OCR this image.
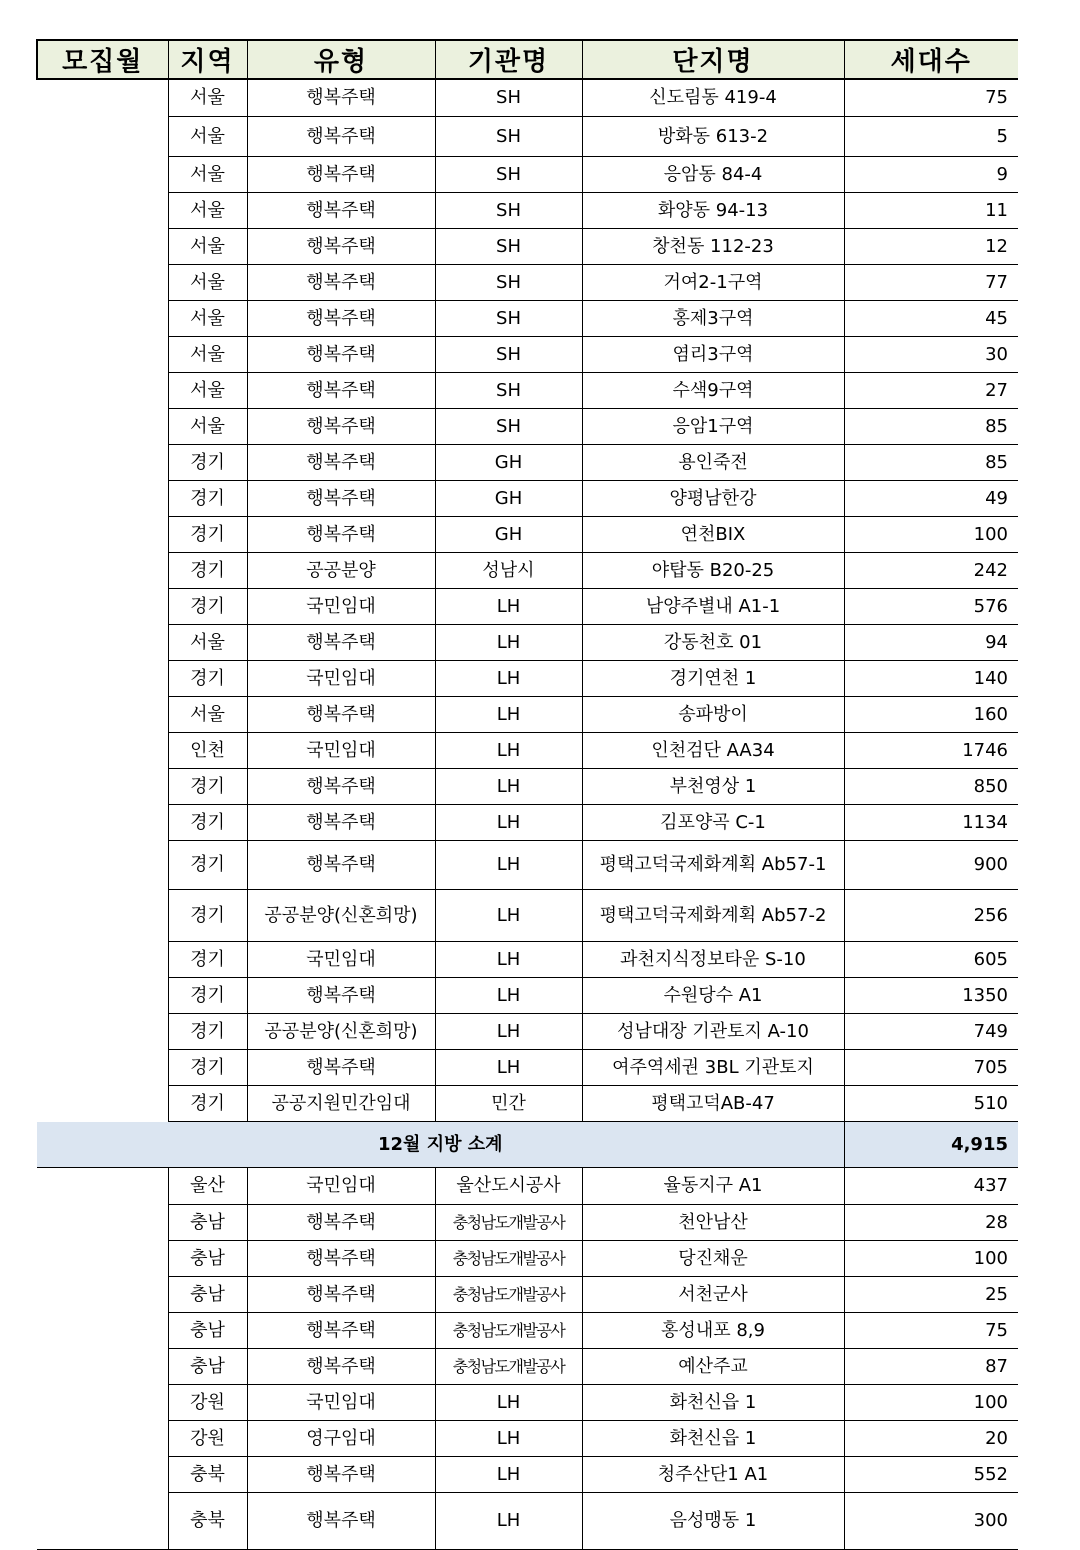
모집월	지역	유형	기관명	단지명	세대수
	서울	행복주택	SH	신도림동 419-4	75
	서울	행복주택	SH	방화동 613-2	5
	서울	행복주택	SH	응암동 84-4	9
	서울	행복주택	SH	화양동 94-13	11
	서울	행복주택	SH	창천동 112-23	12
	서울	행복주택	SH	거여2-1구역	77
	서울	행복주택	SH	홍제3구역	45
	서울	행복주택	SH	염리3구역	30
	서울	행복주택	SH	수색9구역	27
	서울	행복주택	SH	응암1구역	85
	경기	행복주택	GH	용인죽전	85
	경기	행복주택	GH	양평남한강	49
	경기	행복주택	GH	연천BIX	100
	경기	공공분양	성남시	야탑동 B20-25	242
	경기	국민임대	LH	남양주별내 A1-1	576
	서울	행복주택	LH	강동천호 01	94
	경기	국민임대	LH	경기연천 1	140
	서울	행복주택	LH	송파방이	160
	인천	국민임대	LH	인천검단 AA34	1746
	경기	행복주택	LH	부천영상 1	850
	경기	행복주택	LH	김포양곡 C-1	1134
	경기	행복주택	LH	평택고덕국제화계획 Ab57-1	900
	경기	공공분양(신혼희망)	LH	평택고덕국제화계획 Ab57-2	256
	경기	국민임대	LH	과천지식정보타운 S-10	605
	경기	행복주택	LH	수원당수 A1	1350
	경기	공공분양(신혼희망)	LH	성남대장 기관토지 A-10	749
	경기	행복주택	LH	여주역세권 3BL 기관토지	705
	경기	공공지원민간임대	민간	평택고덕AB-47	510
12월 지방 소계					4,915
	울산	국민임대	울산도시공사	율동지구 A1	437
	충남	행복주택	충청남도개발공사	천안남산	28
	충남	행복주택	충청남도개발공사	당진채운	100
	충남	행복주택	충청남도개발공사	서천군사	25
	충남	행복주택	충청남도개발공사	홍성내포 8,9	75
	충남	행복주택	충청남도개발공사	예산주교	87
	강원	국민임대	LH	화천신읍 1	100
	강원	영구임대	LH	화천신읍 1	20
	충북	행복주택	LH	청주산단1 A1	552
	충북	행복주택	LH	음성맹동 1	300
